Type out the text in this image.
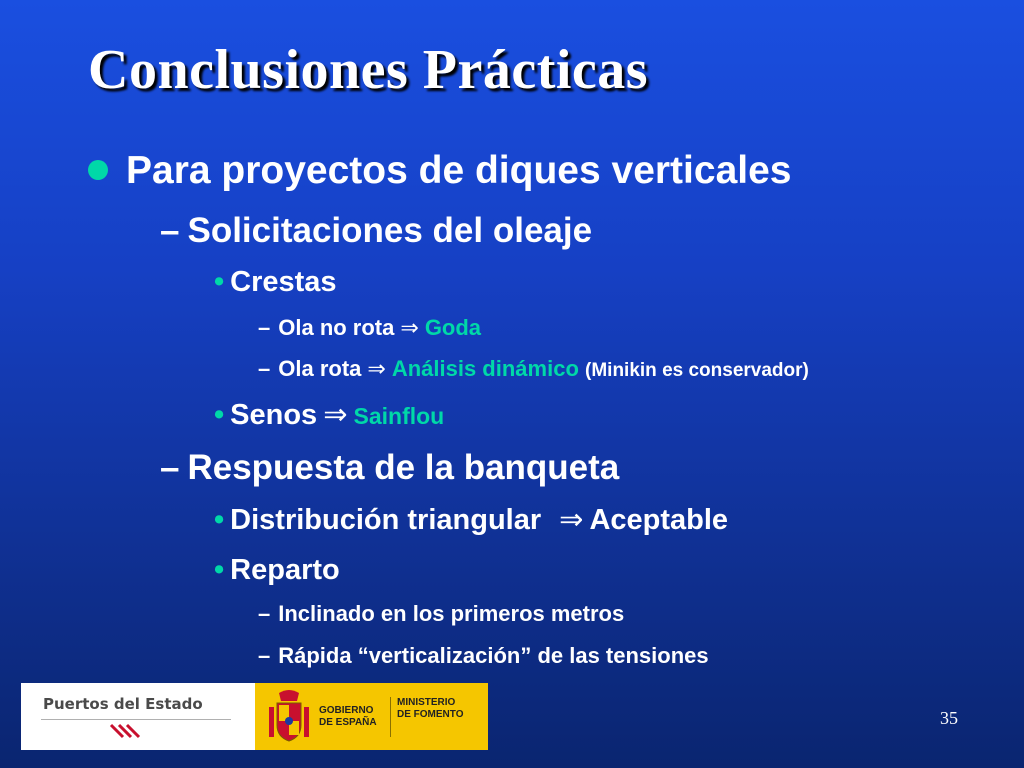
Conclusiones Prácticas
Para proyectos de diques verticales
– Solicitaciones del oleaje
• Crestas
– Ola no rota ⇒ Goda
– Ola rota ⇒ Análisis dinámico (Minikin es conservador)
• Senos ⇒ Sainflou
– Respuesta de la banqueta
• Distribución triangular ⇒ Aceptable
• Reparto
– Inclinado en los primeros metros
– Rápida “verticalización” de las tensiones
Puertos del Estado	GOBIERNO
DE ESPAÑA
MINISTERIO
DE FOMENTO	35
